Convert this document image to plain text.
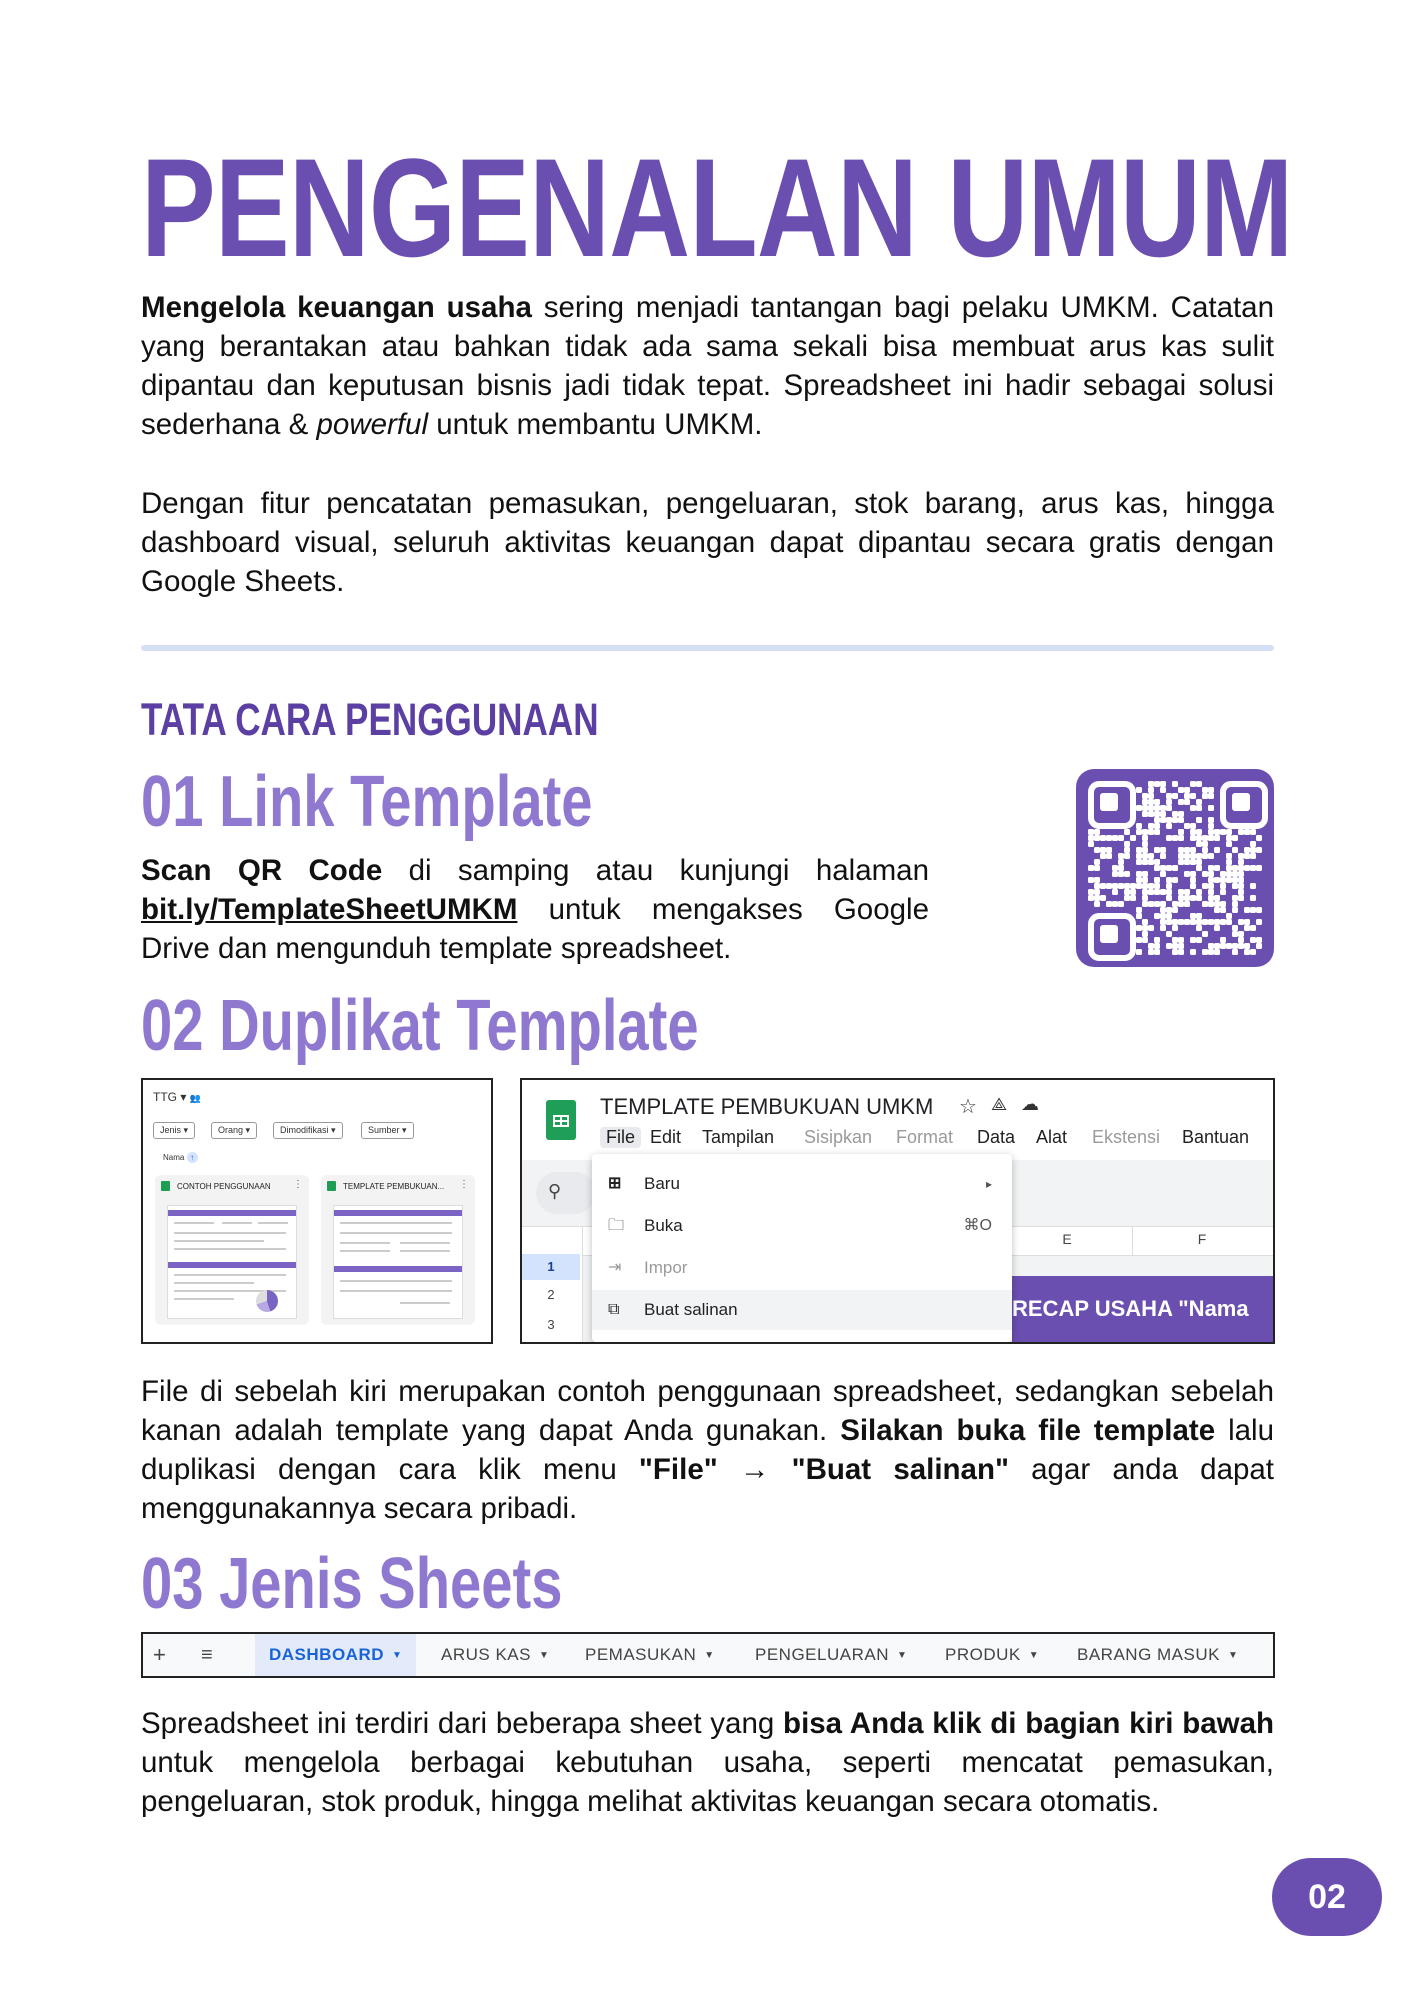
PENGENALAN UMUM

Mengelola keuangan usaha sering menjadi tantangan bagi pelaku UMKM. Catatan yang berantakan atau bahkan tidak ada sama sekali bisa membuat arus kas sulit dipantau dan keputusan bisnis jadi tidak tepat. Spreadsheet ini hadir sebagai solusi sederhana & powerful untuk membantu UMKM.

Dengan fitur pencatatan pemasukan, pengeluaran, stok barang, arus kas, hingga dashboard visual, seluruh aktivitas keuangan dapat dipantau secara gratis dengan Google Sheets.

TATA CARA PENGGUNAAN
01 Link Template

Scan QR Code di samping atau kunjungi halaman bit.ly/TemplateSheetUMKM untuk mengakses Google Drive dan mengunduh template spreadsheet.

02 Duplikat Template
TTG ▾ 👥
Jenis ▾	Orang ▾	Dimodifikasi ▾	Sumber ▾
Nama ↑
CONTOH PENGGUNAAN ⋮	TEMPLATE PEMBUKUAN... ⋮
TEMPLATE PEMBUKUAN UMKM ☆ ⟁ ☁
File Edit Tampilan Sisipkan Format Data Alat Ekstensi Bantuan
⚲
E	F
1
2
3
RECAP USAHA "Nama
⊞ Baru	▸
🗀 Buka	⌘O
⇥ Impor
⧉ Buat salinan

File di sebelah kiri merupakan contoh penggunaan spreadsheet, sedangkan sebelah kanan adalah template yang dapat Anda gunakan. Silakan buka file template lalu duplikasi dengan cara klik menu "File" → "Buat salinan" agar anda dapat menggunakannya secara pribadi.

03 Jenis Sheets
+ ≡	DASHBOARD ▼	ARUS KAS ▼ PEMASUKAN ▼ PENGELUARAN ▼ PRODUK ▼ BARANG MASUK ▼

Spreadsheet ini terdiri dari beberapa sheet yang bisa Anda klik di bagian kiri bawah untuk mengelola berbagai kebutuhan usaha, seperti mencatat pemasukan, pengeluaran, stok produk, hingga melihat aktivitas keuangan secara otomatis.

02
